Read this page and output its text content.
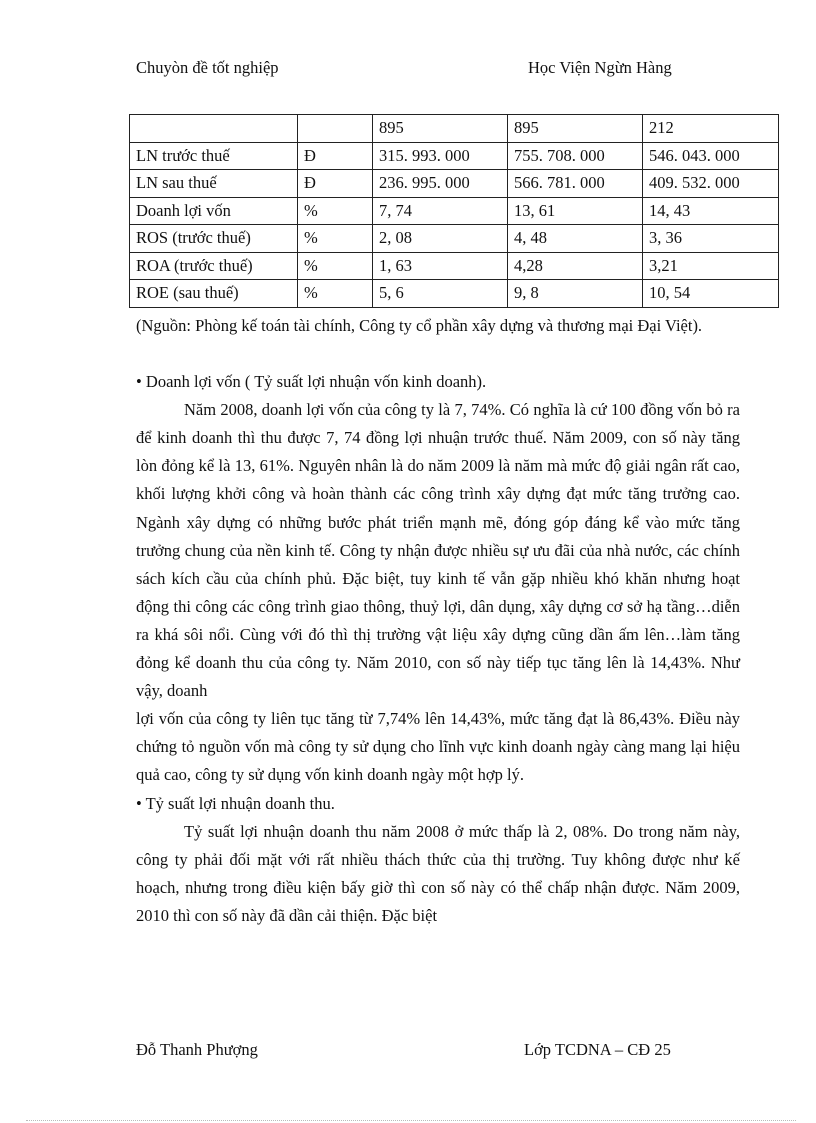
Chuyòn đề tốt nghiệp	Học Viện Ngừn Hàng
		895	895	212
LN trước thuế	Đ	315. 993. 000	755. 708. 000	546. 043. 000
LN sau thuế	Đ	236. 995. 000	566. 781. 000	409. 532. 000
Doanh lợi vốn	%	7, 74	13, 61	14, 43
ROS (trước thuế)	%	2, 08	4, 48	3, 36
ROA (trước thuế)	%	1, 63	4,28	3,21
ROE (sau thuế)	%	5, 6	9, 8	10, 54

(Nguồn: Phòng kế toán tài chính, Công ty cổ phần xây dựng và thương mại Đại Việt).

• Doanh lợi vốn ( Tỷ suất lợi nhuận vốn kinh doanh).

Năm 2008, doanh lợi vốn của công ty là 7, 74%. Có nghĩa là cứ 100 đồng vốn bỏ ra để kinh doanh thì thu được 7, 74 đồng lợi nhuận trước thuế. Năm 2009, con số này tăng lòn đỏng kể là 13, 61%. Nguyên nhân là do năm 2009 là năm mà mức độ giải ngân rất cao, khối lượng khởi công và hoàn thành các công trình xây dựng đạt mức tăng trưởng cao. Ngành xây dựng có những bước phát triển mạnh mẽ, đóng góp đáng kể vào mức tăng trưởng chung của nền kinh tế. Công ty nhận được nhiều sự ưu đãi của nhà nước, các chính sách kích cầu của chính phủ. Đặc biệt, tuy kinh tế vẫn gặp nhiều khó khăn nhưng hoạt động thi công các công trình giao thông, thuỷ lợi, dân dụng, xây dựng cơ sở hạ tầng…diễn ra khá sôi nổi. Cùng với đó thì thị trường vật liệu xây dựng cũng dần ấm lên…làm tăng đỏng kể doanh thu của công ty. Năm 2010, con số này tiếp tục tăng lên là 14,43%. Như vậy, doanh

lợi vốn của công ty liên tục tăng từ 7,74% lên 14,43%, mức tăng đạt là 86,43%. Điều này chứng tỏ nguồn vốn mà công ty sử dụng cho lĩnh vực kinh doanh ngày càng mang lại hiệu quả cao, công ty sử dụng vốn kinh doanh ngày một hợp lý.

• Tỷ suất lợi nhuận doanh thu.

Tỷ suất lợi nhuận doanh thu năm 2008 ở mức thấp là 2, 08%. Do trong năm này, công ty phải đối mặt với rất nhiều thách thức của thị trường. Tuy không được như kế hoạch, nhưng trong điều kiện bấy giờ thì con số này có thể chấp nhận được. Năm 2009, 2010 thì con số này đã dần cải thiện. Đặc biệt

Đỗ Thanh Phượng	Lớp TCDNA – CĐ 25
